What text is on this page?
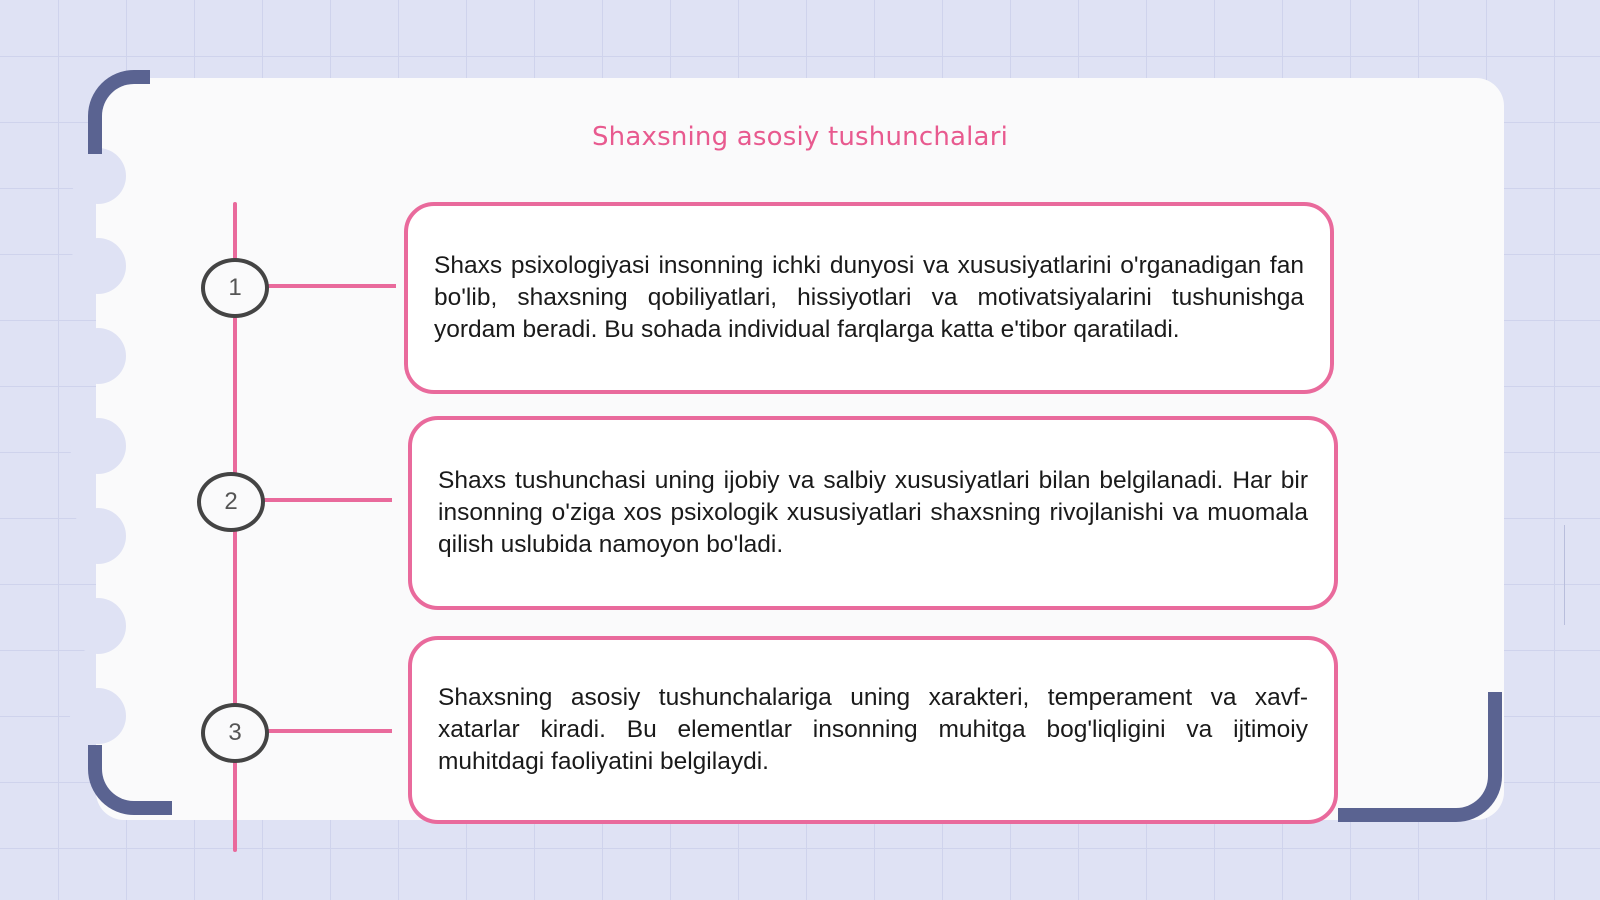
Shaxsning asosiy tushunchalari
1

Shaxs psixologiyasi insonning ichki dunyosi va xususiyatlarini o'rganadigan fan bo'lib, shaxsning qobiliyatlari, hissiyotlari va motivatsiyalarini tushunishga yordam beradi. Bu sohada individual farqlarga katta e'tibor qaratiladi.

2

Shaxs tushunchasi uning ijobiy va salbiy xususiyatlari bilan belgilanadi. Har bir insonning o'ziga xos psixologik xususiyatlari shaxsning rivojlanishi va muomala qilish uslubida namoyon bo'ladi.

3

Shaxsning asosiy tushunchalariga uning xarakteri, temperament va xavf-xatarlar kiradi. Bu elementlar insonning muhitga bog'liqligini va ijtimoiy muhitdagi faoliyatini belgilaydi.
